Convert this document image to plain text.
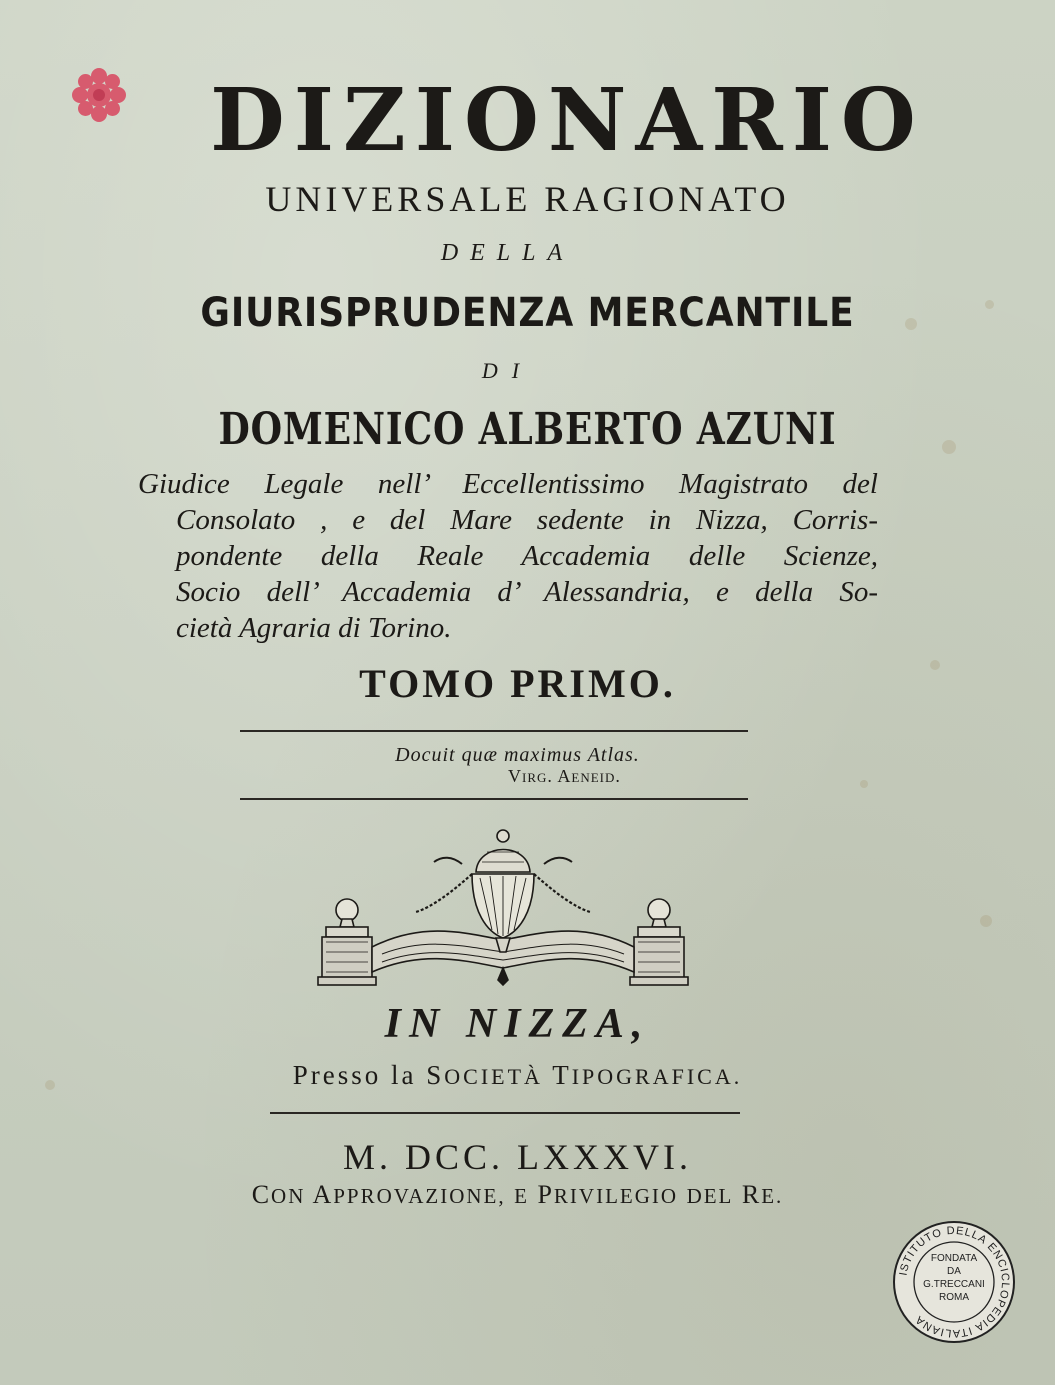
DIZIONARIO
UNIVERSALE RAGIONATO
DELLA
GIURISPRUDENZA MERCANTILE
DI
DOMENICO ALBERTO AZUNI
Giudice Legale nell’ Eccellentissimo Magistrato del
Consolato , e del Mare sedente in Nizza, Corris-
pondente della Reale Accademia delle Scienze,
Socio dell’ Accademia d’ Alessandria, e della So-
cietà Agraria di Torino.
TOMO PRIMO.
Docuit quæ maximus Atlas.
Virg. Aeneid.
IN NIZZA,
Presso la SOCIETÀ TIPOGRAFICA.
M. DCC. LXXXVI.
CON APPROVAZIONE, E PRIVILEGIO DEL RE.
ISTITUTO DELLA ENCICLOPEDIA ITALIANA
FONDATA
DA
G.TRECCANI
ROMA
